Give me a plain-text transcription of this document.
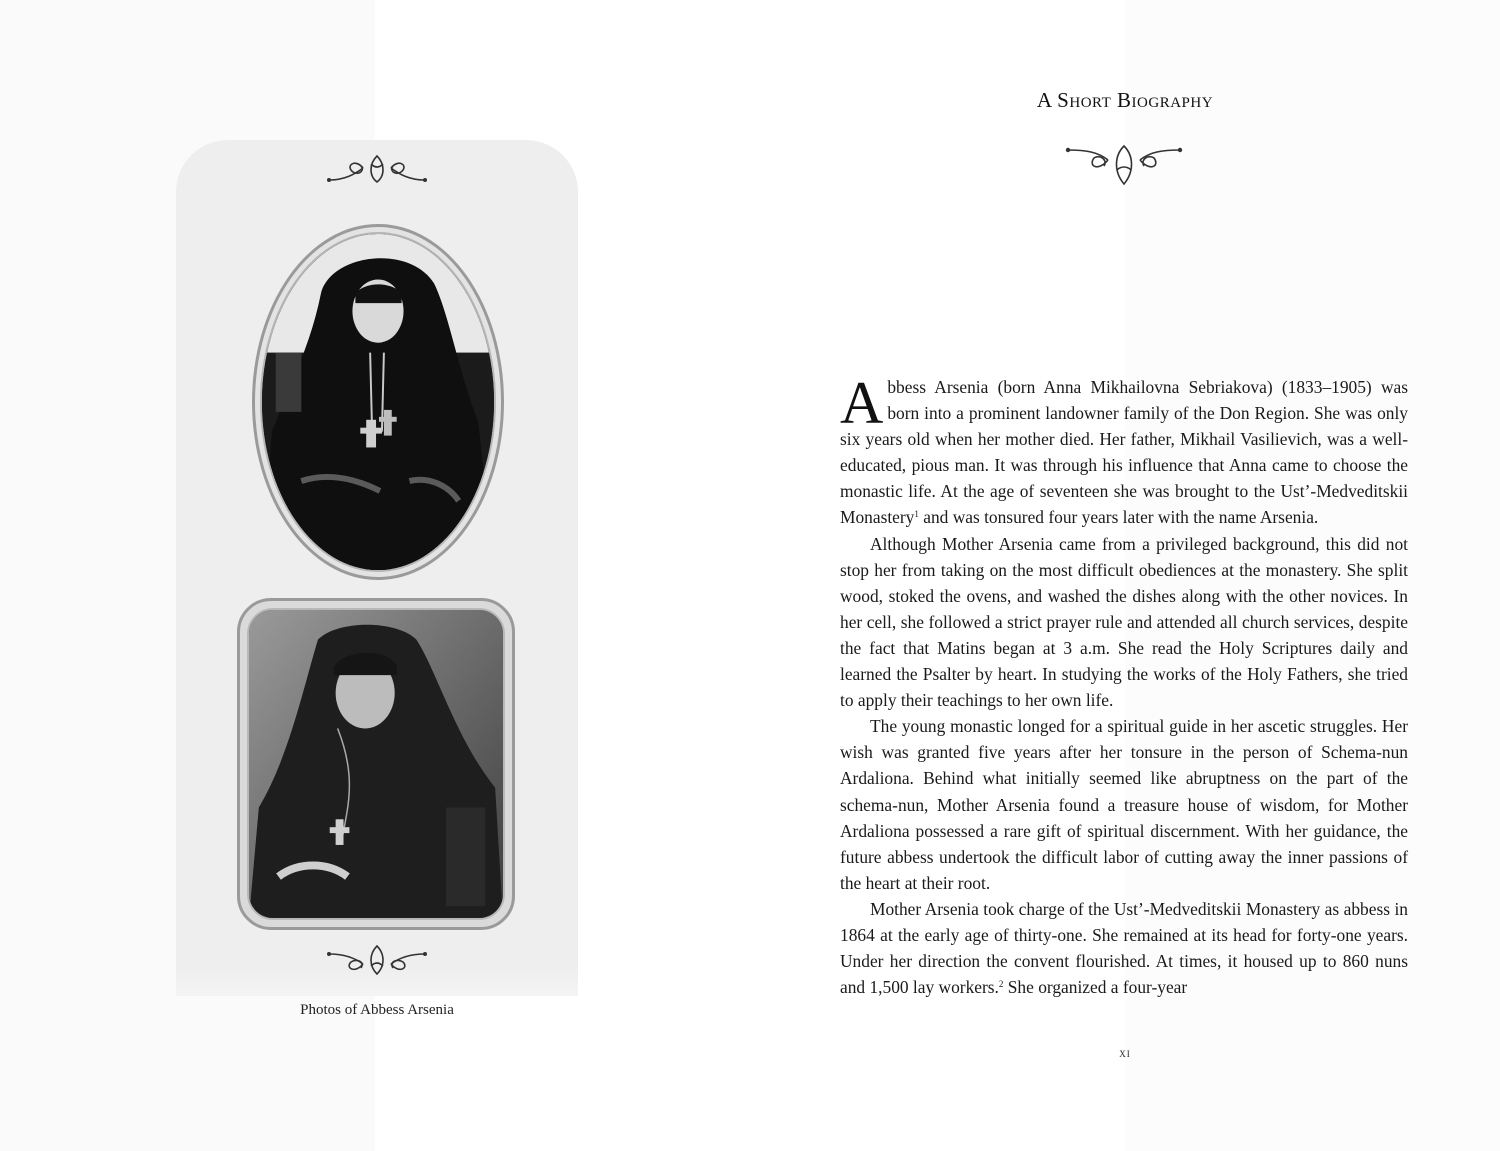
Photos of Abbess Arsenia
A Short Biography

Abbess Arsenia (born Anna Mikhailovna Sebriakova) (1833–1905) was born into a prominent landowner family of the Don Region. She was only six years old when her mother died. Her father, Mikhail Vasilievich, was a well-educated, pious man. It was through his influence that Anna came to choose the monastic life. At the age of seventeen she was brought to the Ust’-Medveditskii Monastery$^1$ and was tonsured four years later with the name Arsenia.

Although Mother Arsenia came from a privileged background, this did not stop her from taking on the most difficult obediences at the monastery. She split wood, stoked the ovens, and washed the dishes along with the other novices. In her cell, she followed a strict prayer rule and attended all church services, despite the fact that Matins began at 3 a.m. She read the Holy Scriptures daily and learned the Psalter by heart. In studying the works of the Holy Fathers, she tried to apply their teachings to her own life.

The young monastic longed for a spiritual guide in her ascetic struggles. Her wish was granted five years after her tonsure in the person of Schema-nun Ardaliona. Behind what initially seemed like abruptness on the part of the schema-nun, Mother Arsenia found a treasure house of wisdom, for Mother Ardaliona possessed a rare gift of spiritual discernment. With her guidance, the future abbess undertook the difficult labor of cutting away the inner passions of the heart at their root.

Mother Arsenia took charge of the Ust’-Medveditskii Monastery as abbess in 1864 at the early age of thirty-one. She remained at its head for forty-one years. Under her direction the convent flourished. At times, it housed up to 860 nuns and 1,500 lay workers.$^2$ She organized a four-year

xi
